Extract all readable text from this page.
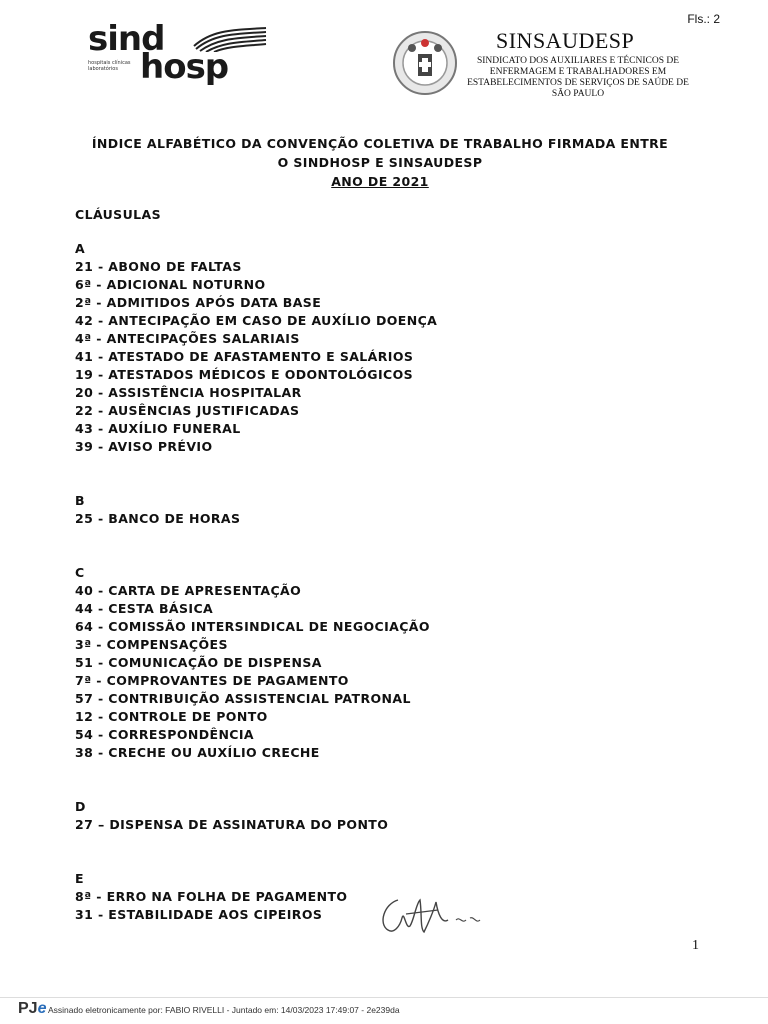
Fls.: 2
sind
hosp
hospitais clínicas laboratórios
SINSAUDESP
SINDICATO DOS AUXILIARES E TÉCNICOS DE ENFERMAGEM E TRABALHADORES EM ESTABELECIMENTOS DE SERVIÇOS DE SAÚDE DE SÃO PAULO
ÍNDICE ALFABÉTICO DA CONVENÇÃO COLETIVA DE TRABALHO FIRMADA ENTRE
O SINDHOSP E SINSAUDESP
ANO DE 2021
CLÁUSULAS
A
21 - ABONO DE FALTAS
6ª - ADICIONAL NOTURNO
2ª - ADMITIDOS APÓS DATA BASE
42 - ANTECIPAÇÃO EM CASO DE AUXÍLIO DOENÇA
4ª - ANTECIPAÇÕES SALARIAIS
41 - ATESTADO DE AFASTAMENTO E SALÁRIOS
19 - ATESTADOS MÉDICOS E ODONTOLÓGICOS
20 - ASSISTÊNCIA HOSPITALAR
22 - AUSÊNCIAS JUSTIFICADAS
43 - AUXÍLIO FUNERAL
39 - AVISO PRÉVIO
B
25 - BANCO DE HORAS
C
40 - CARTA DE APRESENTAÇÃO
44 - CESTA BÁSICA
64 - COMISSÃO INTERSINDICAL DE NEGOCIAÇÃO
3ª - COMPENSAÇÕES
51 - COMUNICAÇÃO DE DISPENSA
7ª - COMPROVANTES DE PAGAMENTO
57 - CONTRIBUIÇÃO ASSISTENCIAL PATRONAL
12 - CONTROLE DE PONTO
54 - CORRESPONDÊNCIA
38 - CRECHE OU AUXÍLIO CRECHE
D
27 – DISPENSA DE ASSINATURA DO PONTO
E
8ª - ERRO NA FOLHA DE PAGAMENTO
31 - ESTABILIDADE AOS CIPEIROS
1
PJe Assinado eletronicamente por: FABIO RIVELLI - Juntado em: 14/03/2023 17:49:07 - 2e239da
